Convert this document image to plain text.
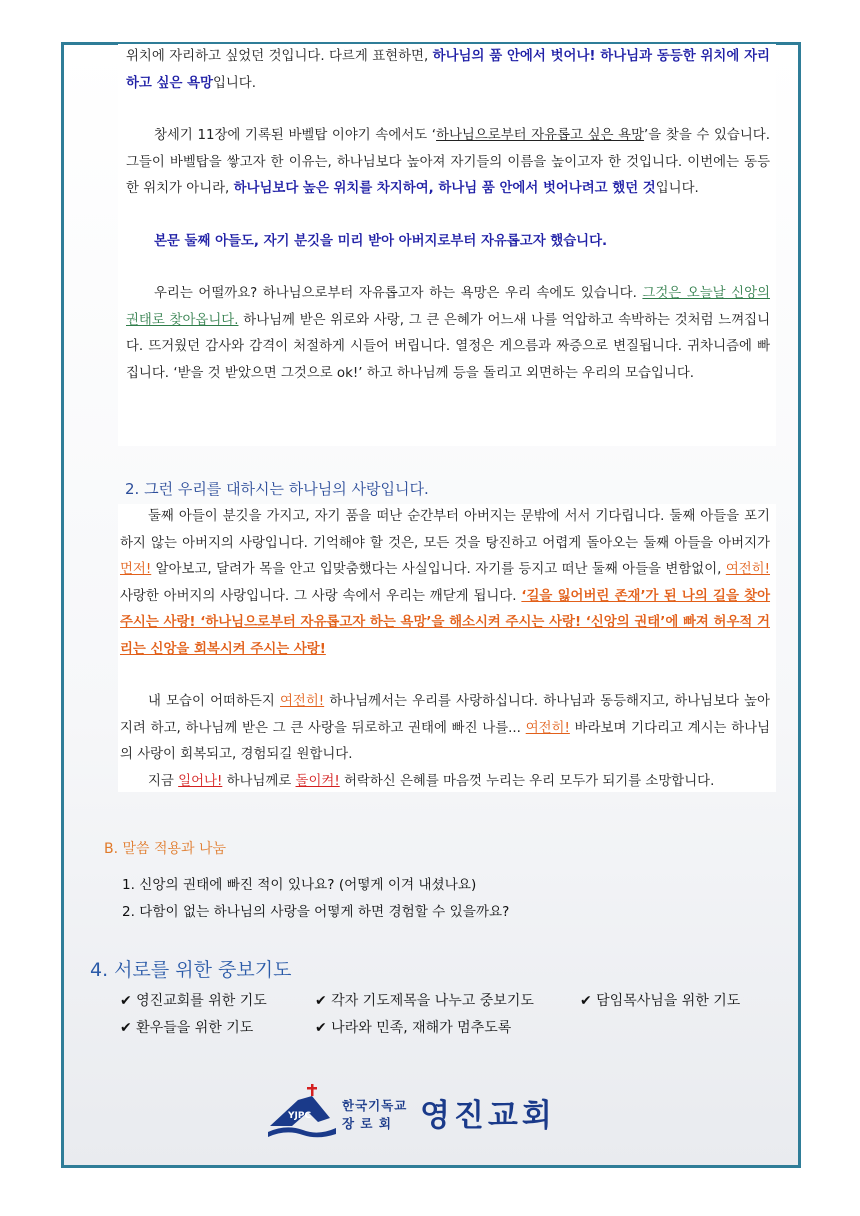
위치에 자리하고 싶었던 것입니다. 다르게 표현하면, 하나님의 품 안에서 벗어나! 하나님과 동등한 위치에 자리하고 싶은 욕망입니다.

창세기 11장에 기록된 바벨탑 이야기 속에서도 ‘하나님으로부터 자유롭고 싶은 욕망’을 찾을 수 있습니다. 그들이 바벨탑을 쌓고자 한 이유는, 하나님보다 높아져 자기들의 이름을 높이고자 한 것입니다. 이번에는 동등한 위치가 아니라, 하나님보다 높은 위치를 차지하여, 하나님 품 안에서 벗어나려고 했던 것입니다.

본문 둘째 아들도, 자기 분깃을 미리 받아 아버지로부터 자유롭고자 했습니다.

우리는 어떨까요? 하나님으로부터 자유롭고자 하는 욕망은 우리 속에도 있습니다. 그것은 오늘날 신앙의 권태로 찾아옵니다. 하나님께 받은 위로와 사랑, 그 큰 은혜가 어느새 나를 억압하고 속박하는 것처럼 느껴집니다. 뜨거웠던 감사와 감격이 처절하게 시들어 버립니다. 열정은 게으름과 짜증으로 변질됩니다. 귀차니즘에 빠집니다. ‘받을 것 받았으면 그것으로 ok!’ 하고 하나님께 등을 돌리고 외면하는 우리의 모습입니다.

2. 그런 우리를 대하시는 하나님의 사랑입니다.

둘째 아들이 분깃을 가지고, 자기 품을 떠난 순간부터 아버지는 문밖에 서서 기다립니다. 둘째 아들을 포기하지 않는 아버지의 사랑입니다. 기억해야 할 것은, 모든 것을 탕진하고 어렵게 돌아오는 둘째 아들을 아버지가 먼저! 알아보고, 달려가 목을 안고 입맞춤했다는 사실입니다. 자기를 등지고 떠난 둘째 아들을 변함없이, 여전히! 사랑한 아버지의 사랑입니다. 그 사랑 속에서 우리는 깨닫게 됩니다. ‘길을 잃어버린 존재’가 된 나의 길을 찾아 주시는 사랑! ‘하나님으로부터 자유롭고자 하는 욕망’을 해소시켜 주시는 사랑! ‘신앙의 권태’에 빠져 허우적 거리는 신앙을 회복시켜 주시는 사랑!

내 모습이 어떠하든지 여전히! 하나님께서는 우리를 사랑하십니다. 하나님과 동등해지고, 하나님보다 높아지려 하고, 하나님께 받은 그 큰 사랑을 뒤로하고 권태에 빠진 나를... 여전히! 바라보며 기다리고 계시는 하나님의 사랑이 회복되고, 경험되길 원합니다.

지금 일어나! 하나님께로 돌이켜! 허락하신 은혜를 마음껏 누리는 우리 모두가 되기를 소망합니다.

B. 말씀 적용과 나눔
1. 신앙의 권태에 빠진 적이 있나요? (어떻게 이겨 내셨나요)
2. 다함이 없는 하나님의 사랑을 어떻게 하면 경험할 수 있을까요?
4. 서로를 위한 중보기도
✔ 영진교회를 위한 기도	✔ 각자 기도제목을 나누고 중보기도	✔ 담임목사님을 위한 기도
✔ 환우들을 위한 기도	✔ 나라와 민족, 재해가 멈추도록
YJPC
한국기독교
장 로 회 영진교회
